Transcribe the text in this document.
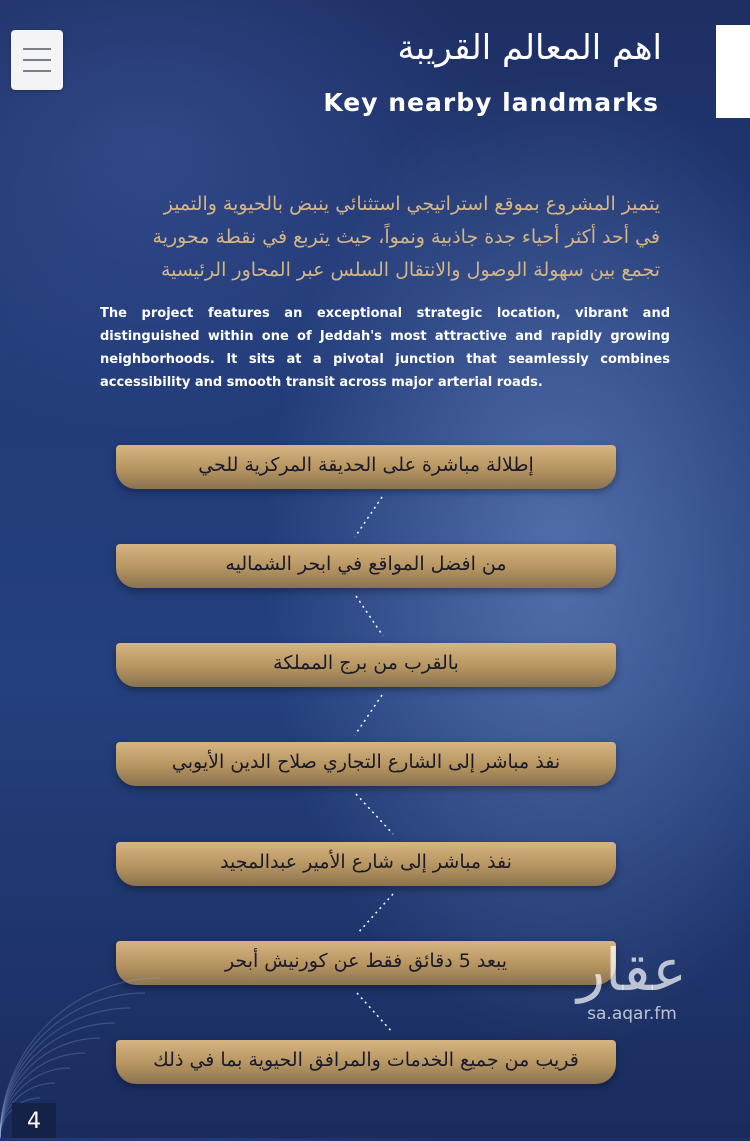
اهم المعالم القريبة
Key nearby landmarks
يتميز المشروع بموقع استراتيجي استثنائي ينبض بالحيوية والتميز
في أحد أكثر أحياء جدة جاذبية ونمواً، حيث يتربع في نقطة محورية
تجمع بين سهولة الوصول والانتقال السلس عبر المحاور الرئيسية
The project features an exceptional strategic location, vibrant and distinguished within one of Jeddah's most attractive and rapidly growing neighborhoods. It sits at a pivotal junction that seamlessly combines accessibility and smooth transit across major arterial roads.
إطلالة مباشرة على الحديقة المركزية للحي
من افضل المواقع في ابحر الشماليه
بالقرب من برج المملكة
نفذ مباشر إلى الشارع التجاري صلاح الدين الأيوبي
نفذ مباشر إلى شارع الأمير عبدالمجيد
يبعد 5 دقائق فقط عن كورنيش أبحر
قريب من جميع الخدمات والمرافق الحيوية بما في ذلك
عقار
sa.aqar.fm
4
